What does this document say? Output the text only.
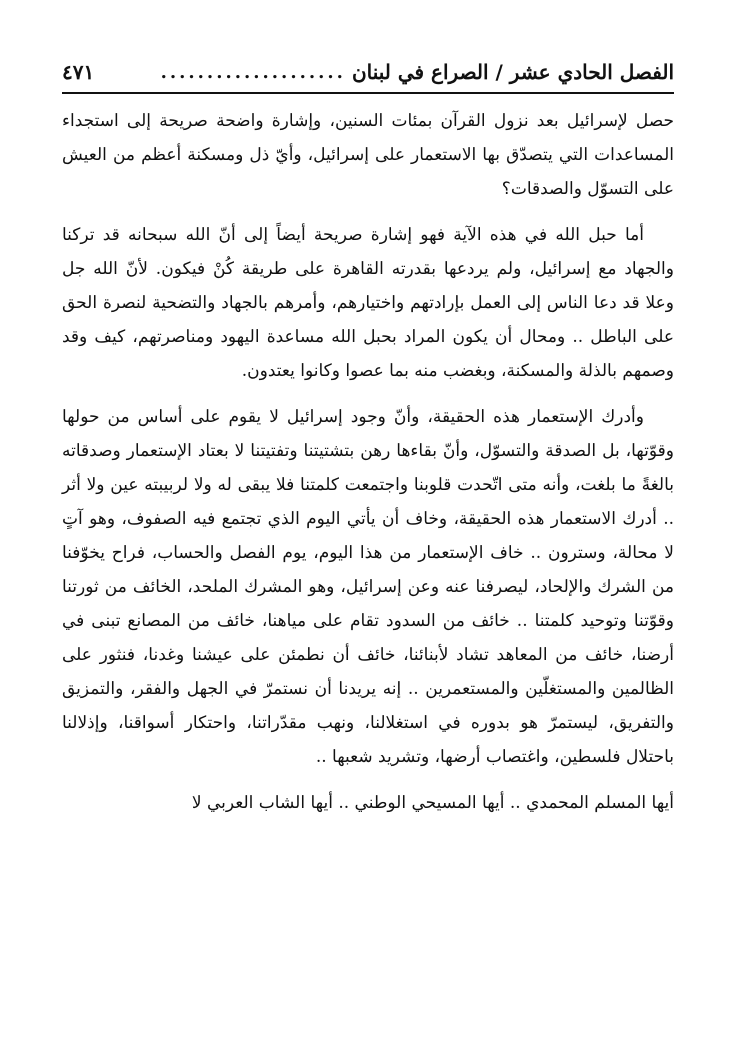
الفصل الحادي عشر / الصراع في لبنان
....................
٤٧١

حصل لإسرائيل بعد نزول القرآن بمئات السنين، وإشارة واضحة صريحة إلى استجداء المساعدات التي يتصدّق بها الاستعمار على إسرائيل، وأيّ ذل ومسكنة أعظم من العيش على التسوّل والصدقات؟

أما حبل الله في هذه الآية فهو إشارة صريحة أيضاً إلى أنّ الله سبحانه قد تركنا والجهاد مع إسرائيل، ولم يردعها بقدرته القاهرة على طريقة كُنْ فيكون. لأنّ الله جل وعلا قد دعا الناس إلى العمل بإرادتهم واختيارهم، وأمرهم بالجهاد والتضحية لنصرة الحق على الباطل .. ومحال أن يكون المراد بحبل الله مساعدة اليهود ومناصرتهم، كيف وقد وصمهم بالذلة والمسكنة، وبغضب منه بما عصوا وكانوا يعتدون.

وأدرك الإستعمار هذه الحقيقة، وأنّ وجود إسرائيل لا يقوم على أساس من حولها وقوّتها، بل الصدقة والتسوّل، وأنّ بقاءها رهن بتشتيتنا وتفتيتنا لا بعتاد الإستعمار وصدقاته بالغةً ما بلغت، وأنه متى اتّحدت قلوبنا واجتمعت كلمتنا فلا يبقى له ولا لربيبته عين ولا أثر .. أدرك الاستعمار هذه الحقيقة، وخاف أن يأتي اليوم الذي تجتمع فيه الصفوف، وهو آتٍ لا محالة، وسترون .. خاف الإستعمار من هذا اليوم، يوم الفصل والحساب، فراح يخوّفنا من الشرك والإلحاد، ليصرفنا عنه وعن إسرائيل، وهو المشرك الملحد، الخائف من ثورتنا وقوّتنا وتوحيد كلمتنا .. خائف من السدود تقام على مياهنا، خائف من المصانع تبنى في أرضنا، خائف من المعاهد تشاد لأبنائنا، خائف أن نطمئن على عيشنا وغدنا، فنثور على الظالمين والمستغلّين والمستعمرين .. إنه يريدنا أن نستمرّ في الجهل والفقر، والتمزيق والتفريق، ليستمرّ هو بدوره في استغلالنا، ونهب مقدّراتنا، واحتكار أسواقنا، وإذلالنا باحتلال فلسطين، واغتصاب أرضها، وتشريد شعبها ..

أيها المسلم المحمدي .. أيها المسيحي الوطني .. أيها الشاب العربي لا
